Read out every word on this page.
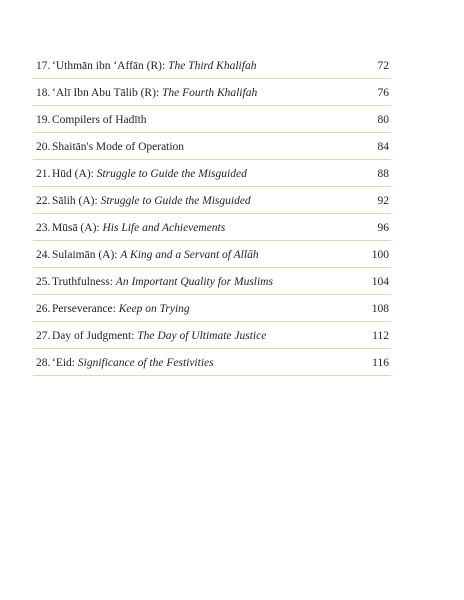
17. ‘Uthmān ibn ‘Affān (R): The Third Khalifah	72
18. ‘Alī Ibn Abu Tālib (R): The Fourth Khalifah	76
19. Compilers of Hadīth	80
20. Shaitān's Mode of Operation	84
21. Hūd (A): Struggle to Guide the Misguided	88
22. Sālih (A): Struggle to Guide the Misguided	92
23. Mūsā (A): His Life and Achievements	96
24. Sulaimān (A): A King and a Servant of Allāh	100
25. Truthfulness: An Important Quality for Muslims	104
26. Perseverance: Keep on Trying	108
27. Day of Judgment: The Day of Ultimate Justice	112
28. ‘Eid: Significance of the Festivities	116
